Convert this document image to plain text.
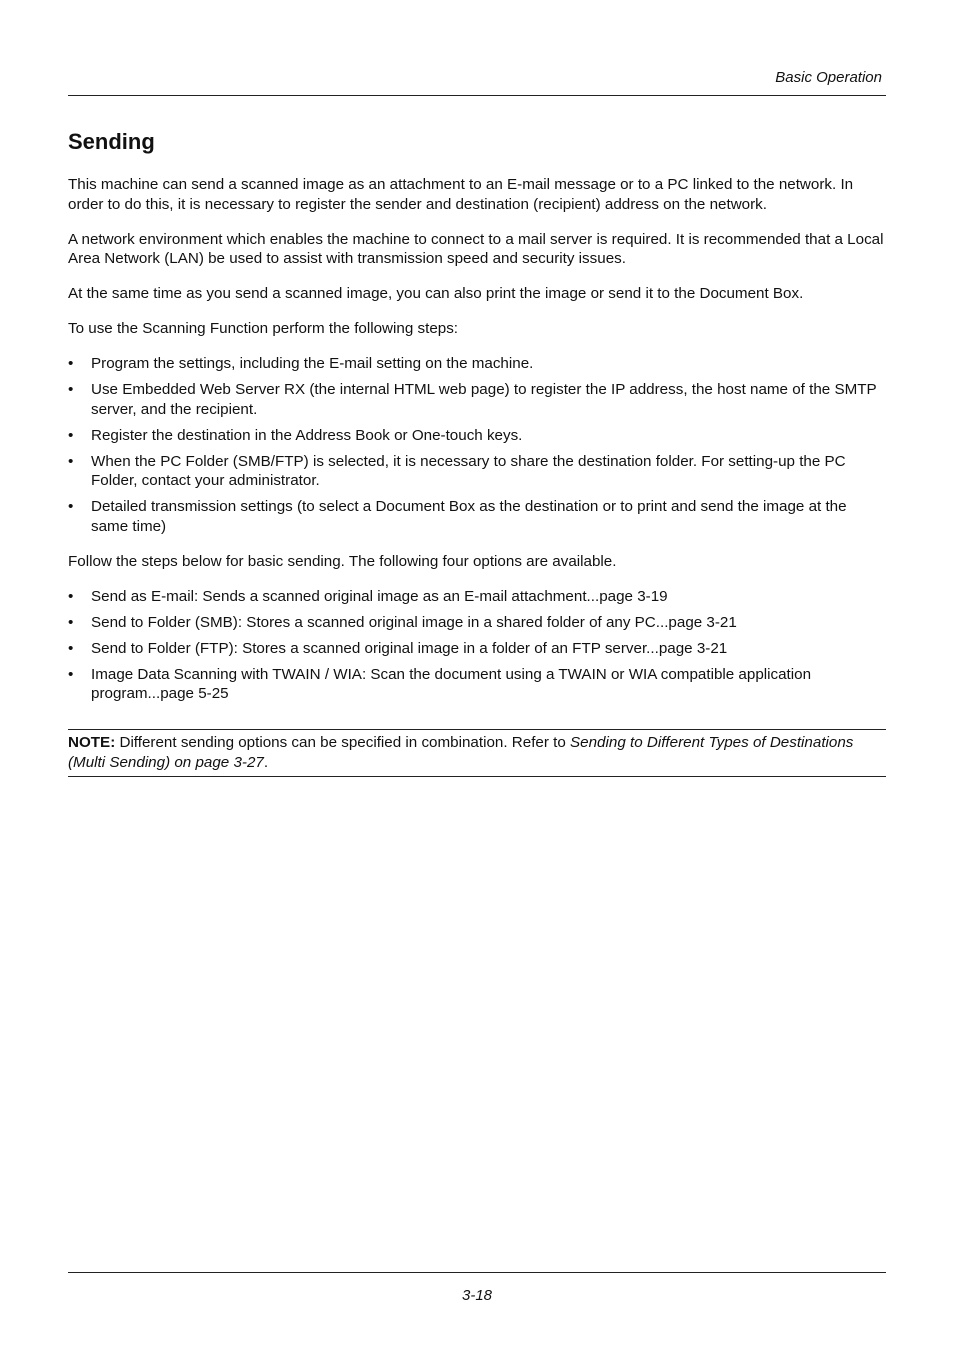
Basic Operation
Sending

This machine can send a scanned image as an attachment to an E-mail message or to a PC linked to the network. In order to do this, it is necessary to register the sender and destination (recipient) address on the network.

A network environment which enables the machine to connect to a mail server is required. It is recommended that a Local Area Network (LAN) be used to assist with transmission speed and security issues.

At the same time as you send a scanned image, you can also print the image or send it to the Document Box.

To use the Scanning Function perform the following steps:

• Program the settings, including the E-mail setting on the machine.
• Use Embedded Web Server RX (the internal HTML web page) to register the IP address, the host name of the SMTP server, and the recipient.
• Register the destination in the Address Book or One-touch keys.
• When the PC Folder (SMB/FTP) is selected, it is necessary to share the destination folder. For setting-up the PC Folder, contact your administrator.
• Detailed transmission settings (to select a Document Box as the destination or to print and send the image at the same time)

Follow the steps below for basic sending. The following four options are available.

• Send as E-mail: Sends a scanned original image as an E-mail attachment...page 3-19
• Send to Folder (SMB): Stores a scanned original image in a shared folder of any PC...page 3-21
• Send to Folder (FTP): Stores a scanned original image in a folder of an FTP server...page 3-21
• Image Data Scanning with TWAIN / WIA: Scan the document using a TWAIN or WIA compatible application program...page 5-25
NOTE: Different sending options can be specified in combination. Refer to Sending to Different Types of Destinations (Multi Sending) on page 3-27.
3-18
